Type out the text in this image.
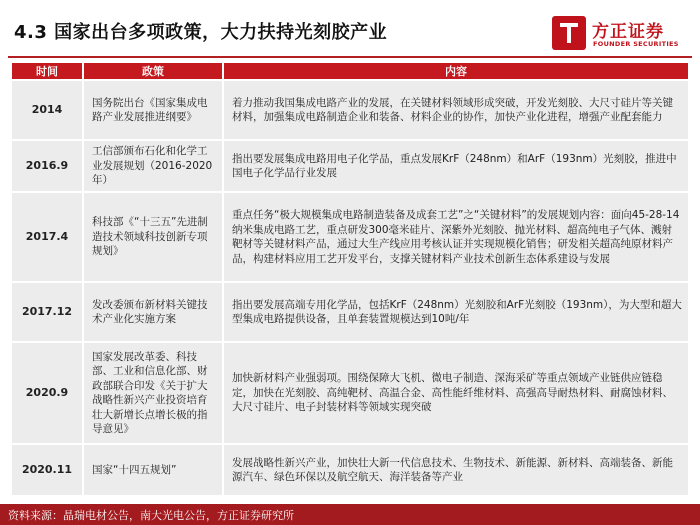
4.3 国家出台多项政策，大力扶持光刻胶产业	方正证券
FOUNDER SECURITIES
时间	政策	内容
2014	国务院出台《国家集成电路产业发展推进纲要》	着力推动我国集成电路产业的发展，在关键材料领域形成突破，开发光刻胶、大尺寸硅片等关键材料，加强集成电路制造企业和装备、材料企业的协作，加快产业化进程，增强产业配套能力
2016.9	工信部颁布石化和化学工业发展规划（2016-2020年）	指出要发展集成电路用电子化学品，重点发展KrF（248nm）和ArF（193nm）光刻胶，推进中国电子化学品行业发展
2017.4	科技部《“十三五”先进制造技术领域科技创新专项规划》	重点任务“极大规模集成电路制造装备及成套工艺”之“关键材料”的发展规划内容：面向45-28-14纳米集成电路工艺，重点研发300毫米硅片、深紫外光刻胶、抛光材料、超高纯电子气体、溅射靶材等关键材料产品，通过大生产线应用考核认证并实现规模化销售；研发相关超高纯原材料产品，构建材料应用工艺开发平台，支撑关键材料产业技术创新生态体系建设与发展
2017.12	发改委颁布新材料关键技术产业化实施方案	指出要发展高端专用化学品，包括KrF（248nm）光刻胶和ArF光刻胶（193nm），为大型和超大型集成电路提供设备，且单套装置规模达到10吨/年
2020.9	国家发展改革委、科技部、工业和信息化部、财政部联合印发《关于扩大战略性新兴产业投资培育壮大新增长点增长极的指导意见》	加快新材料产业强弱项。围绕保障大飞机、微电子制造、深海采矿等重点领域产业链供应链稳定，加快在光刻胶、高纯靶材、高温合金、高性能纤维材料、高强高导耐热材料、耐腐蚀材料、大尺寸硅片、电子封装材料等领域实现突破
2020.11	国家“十四五规划”	发展战略性新兴产业，加快壮大新一代信息技术、生物技术、新能源、新材料、高端装备、新能源汽车、绿色环保以及航空航天、海洋装备等产业
资料来源：晶瑞电材公告，南大光电公告，方正证券研究所
